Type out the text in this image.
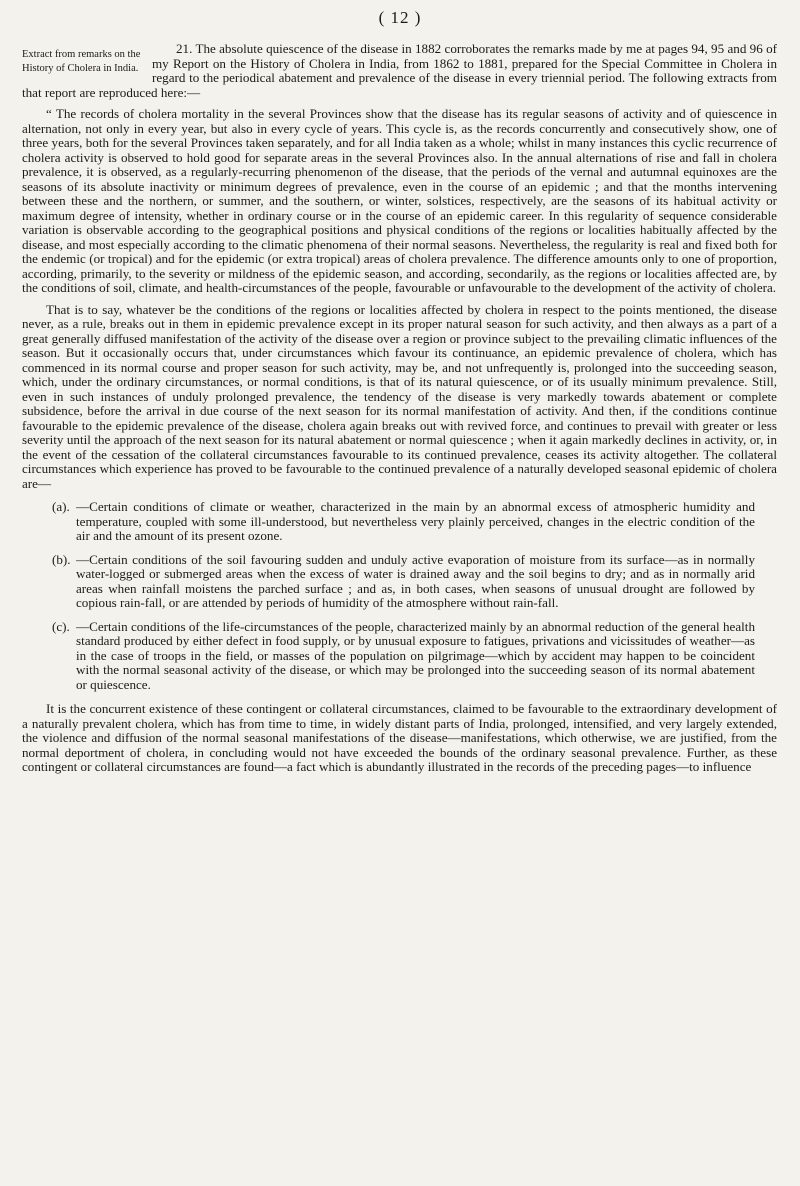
( 12 )

Extract from remarks on the History of Cholera in India.
21. The absolute quiescence of the disease in 1882 corroborates the remarks made by me at pages 94, 95 and 96 of my Report on the History of Cholera in India, from 1862 to 1881, prepared for the Special Committee in Cholera in regard to the periodical abatement and prevalence of the disease in every triennial period. The following extracts from that report are reproduced here:—

“ The records of cholera mortality in the several Provinces show that the disease has its regular seasons of activity and of quiescence in alternation, not only in every year, but also in every cycle of years. This cycle is, as the records concurrently and consecutively show, one of three years, both for the several Provinces taken separately, and for all India taken as a whole; whilst in many instances this cyclic recurrence of cholera activity is observed to hold good for separate areas in the several Provinces also. In the annual alternations of rise and fall in cholera prevalence, it is observed, as a regularly-recurring phenomenon of the disease, that the periods of the vernal and autumnal equinoxes are the seasons of its absolute inactivity or minimum degrees of prevalence, even in the course of an epidemic ; and that the months intervening between these and the northern, or summer, and the southern, or winter, solstices, respectively, are the seasons of its habitual activity or maximum degree of intensity, whether in ordinary course or in the course of an epidemic career. In this regularity of sequence considerable variation is observable according to the geographical positions and physical conditions of the regions or localities habitually affected by the disease, and most especially according to the climatic phenomena of their normal seasons. Nevertheless, the regularity is real and fixed both for the endemic (or tropical) and for the epidemic (or extra tropical) areas of cholera prevalence. The difference amounts only to one of proportion, according, primarily, to the severity or mildness of the epidemic season, and according, secondarily, as the regions or localities affected are, by the conditions of soil, climate, and health-circumstances of the people, favourable or unfavourable to the development of the activity of cholera.

That is to say, whatever be the conditions of the regions or localities affected by cholera in respect to the points mentioned, the disease never, as a rule, breaks out in them in epidemic prevalence except in its proper natural season for such activity, and then always as a part of a great generally diffused manifestation of the activity of the disease over a region or province subject to the prevailing climatic influences of the season. But it occasionally occurs that, under circumstances which favour its continuance, an epidemic prevalence of cholera, which has commenced in its normal course and proper season for such activity, may be, and not unfrequently is, prolonged into the succeeding season, which, under the ordinary circumstances, or normal conditions, is that of its natural quiescence, or of its usually minimum prevalence. Still, even in such instances of unduly prolonged prevalence, the tendency of the disease is very markedly towards abatement or complete subsidence, before the arrival in due course of the next season for its normal manifestation of activity. And then, if the conditions continue favourable to the epidemic prevalence of the disease, cholera again breaks out with revived force, and continues to prevail with greater or less severity until the approach of the next season for its natural abatement or normal quiescence ; when it again markedly declines in activity, or, in the event of the cessation of the collateral circumstances favourable to its continued prevalence, ceases its activity altogether. The collateral circumstances which experience has proved to be favourable to the continued prevalence of a naturally developed seasonal epidemic of cholera are—

(a). —Certain conditions of climate or weather, characterized in the main by an abnormal excess of atmospheric humidity and temperature, coupled with some ill-understood, but nevertheless very plainly perceived, changes in the electric condition of the air and the amount of its present ozone.

(b). —Certain conditions of the soil favouring sudden and unduly active evaporation of moisture from its surface—as in normally water-logged or submerged areas when the excess of water is drained away and the soil begins to dry; and as in normally arid areas when rainfall moistens the parched surface ; and as, in both cases, when seasons of unusual drought are followed by copious rain-fall, or are attended by periods of humidity of the atmosphere without rain-fall.

(c). —Certain conditions of the life-circumstances of the people, characterized mainly by an abnormal reduction of the general health standard produced by either defect in food supply, or by unusual exposure to fatigues, privations and vicissitudes of weather—as in the case of troops in the field, or masses of the population on pilgrimage—which by accident may happen to be coincident with the normal seasonal activity of the disease, or which may be prolonged into the succeeding season of its normal abatement or quiescence.

It is the concurrent existence of these contingent or collateral circumstances, claimed to be favourable to the extraordinary development of a naturally prevalent cholera, which has from time to time, in widely distant parts of India, prolonged, intensified, and very largely extended, the violence and diffusion of the normal seasonal manifestations of the disease—manifestations, which otherwise, we are justified, from the normal deportment of cholera, in concluding would not have exceeded the bounds of the ordinary seasonal prevalence. Further, as these contingent or collateral circumstances are found—a fact which is abundantly illustrated in the records of the preceding pages—to influence
